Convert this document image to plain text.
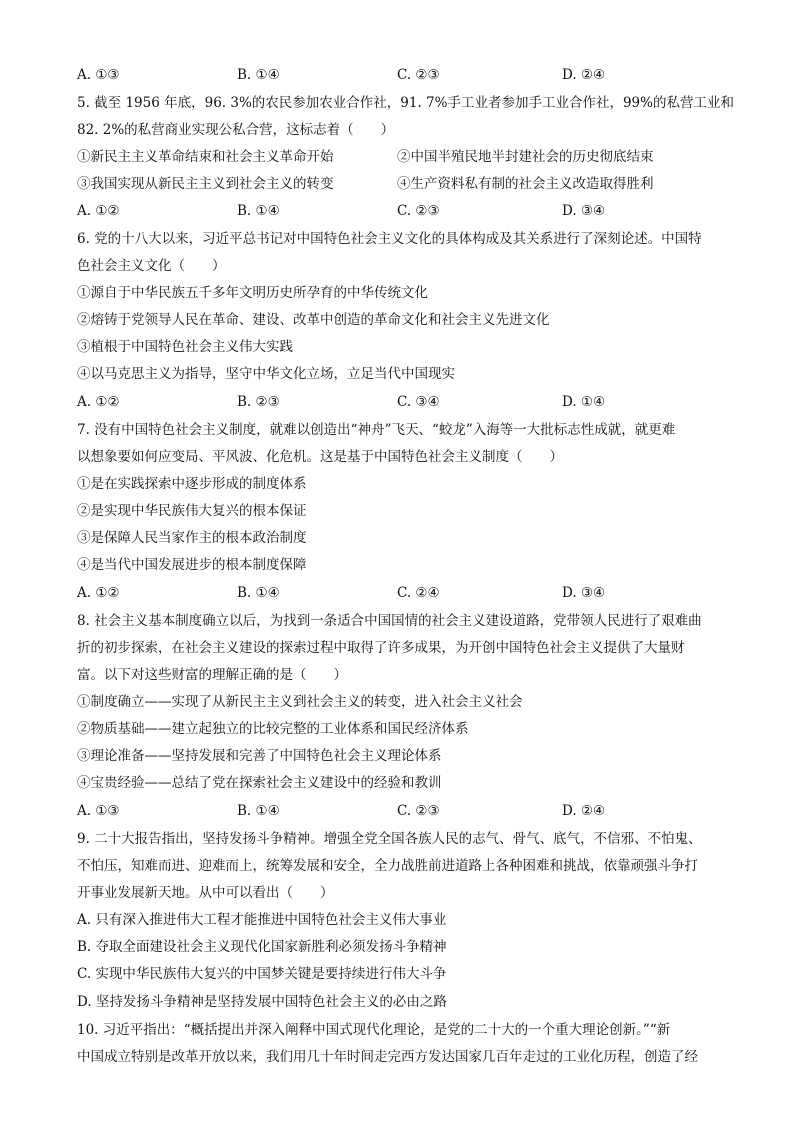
A. ①③	B. ①④	C. ②③	D. ②④
5. 截至 1956 年底，96. 3%的农民参加农业合作社，91. 7%手工业者参加手工业合作社，99%的私营工业和
82. 2%的私营商业实现公私合营，这标志着（　　）
①新民主主义革命结束和社会主义革命开始	②中国半殖民地半封建社会的历史彻底结束
③我国实现从新民主主义到社会主义的转变	④生产资料私有制的社会主义改造取得胜利
A. ①②	B. ①④	C. ②③	D. ③④
6. 党的十八大以来，习近平总书记对中国特色社会主义文化的具体构成及其关系进行了深刻论述。中国特
色社会主义文化（　　）
①源自于中华民族五千多年文明历史所孕育的中华传统文化
②熔铸于党领导人民在革命、建设、改革中创造的革命文化和社会主义先进文化
③植根于中国特色社会主义伟大实践
④以马克思主义为指导，坚守中华文化立场，立足当代中国现实
A. ①②	B. ②③	C. ③④	D. ①④
7. 没有中国特色社会主义制度，就难以创造出“神舟”飞天、“蛟龙”入海等一大批标志性成就，就更难
以想象要如何应变局、平风波、化危机。这是基于中国特色社会主义制度（　　）
①是在实践探索中逐步形成的制度体系
②是实现中华民族伟大复兴的根本保证
③是保障人民当家作主的根本政治制度
④是当代中国发展进步的根本制度保障
A. ①②	B. ①④	C. ②④	D. ③④
8. 社会主义基本制度确立以后，为找到一条适合中国国情的社会主义建设道路，党带领人民进行了艰难曲
折的初步探索，在社会主义建设的探索过程中取得了许多成果，为开创中国特色社会主义提供了大量财
富。以下对这些财富的理解正确的是（　　）
①制度确立——实现了从新民主主义到社会主义的转变，进入社会主义社会
②物质基础——建立起独立的比较完整的工业体系和国民经济体系
③理论准备——坚持发展和完善了中国特色社会主义理论体系
④宝贵经验——总结了党在探索社会主义建设中的经验和教训
A. ①③	B. ①④	C. ②③	D. ②④
9. 二十大报告指出，坚持发扬斗争精神。增强全党全国各族人民的志气、骨气、底气，不信邪、不怕鬼、
不怕压，知难而进、迎难而上，统筹发展和安全，全力战胜前进道路上各种困难和挑战，依靠顽强斗争打
开事业发展新天地。从中可以看出（　　）
A. 只有深入推进伟大工程才能推进中国特色社会主义伟大事业
B. 夺取全面建设社会主义现代化国家新胜利必须发扬斗争精神
C. 实现中华民族伟大复兴的中国梦关键是要持续进行伟大斗争
D. 坚持发扬斗争精神是坚持发展中国特色社会主义的必由之路
10. 习近平指出：“概括提出并深入阐释中国式现代化理论，是党的二十大的一个重大理论创新。”“新
中国成立特别是改革开放以来，我们用几十年时间走完西方发达国家几百年走过的工业化历程，创造了经
